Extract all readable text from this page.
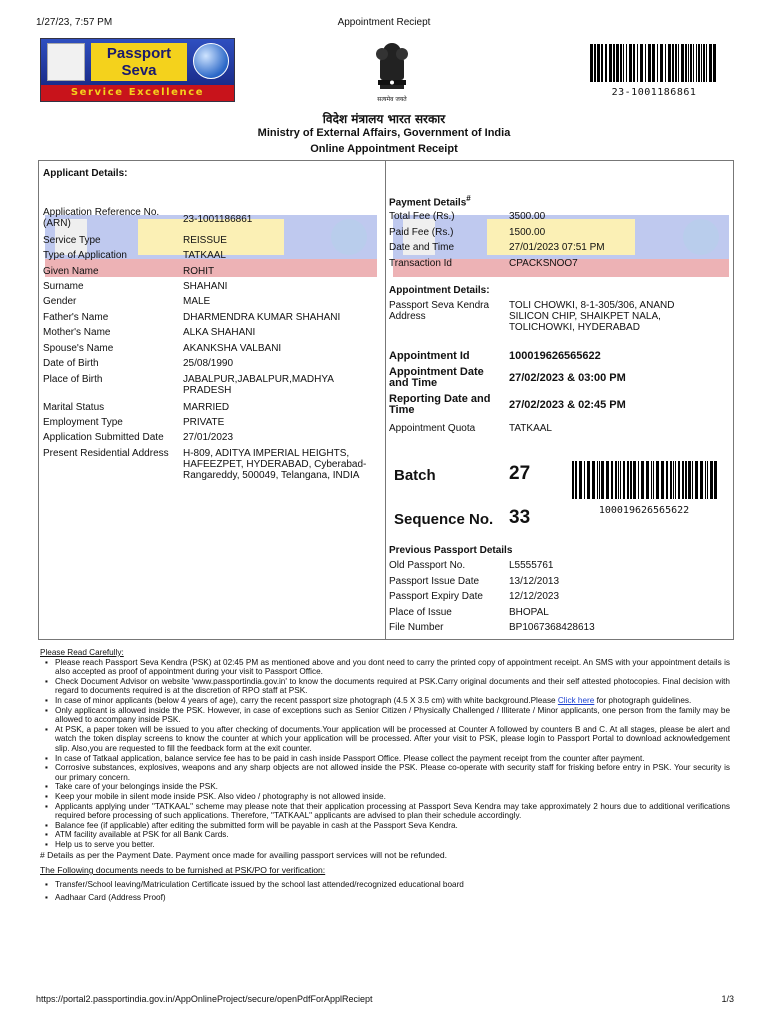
1/27/23, 7:57 PM	Appointment Reciept
Passport
Seva
Service Excellence
सत्यमेव जयते
23-1001186861
विदेश मंत्रालय भारत सरकार
Ministry of External Affairs, Government of India
Online Appointment Receipt
Applicant Details:
Application Reference No. (ARN)	23-1001186861
Service Type	REISSUE
Type of Application	TATKAAL
Given Name	ROHIT
Surname	SHAHANI
Gender	MALE
Father's Name	DHARMENDRA KUMAR SHAHANI
Mother's Name	ALKA SHAHANI
Spouse's Name	AKANKSHA VALBANI
Date of Birth	25/08/1990
Place of Birth	JABALPUR,JABALPUR,MADHYA PRADESH
Marital Status	MARRIED
Employment Type	PRIVATE
Application Submitted Date	27/01/2023
Present Residential Address	H-809, ADITYA IMPERIAL HEIGHTS, HAFEEZPET, HYDERABAD, Cyberabad-Rangareddy, 500049, Telangana, INDIA
Payment Details#
Total Fee (Rs.)	3500.00
Paid Fee (Rs.)	1500.00
Date and Time	27/01/2023 07:51 PM
Transaction Id	CPACKSNOO7
Appointment Details:
Passport Seva Kendra Address
TOLI CHOWKI, 8-1-305/306, ANAND SILICON CHIP, SHAIKPET NALA, TOLICHOWKI, HYDERABAD
Appointment Id	100019626565622
Appointment Date and Time	27/02/2023 & 03:00 PM
Reporting Date and Time	27/02/2023 & 02:45 PM
Appointment Quota	TATKAAL
Batch	27
Sequence No. 33
Previous Passport Details
Old Passport No.	L5555761
Passport Issue Date	13/12/2013
Passport Expiry Date	12/12/2023
Place of Issue	BHOPAL
File Number	BP1067368428613
100019626565622
Please Read Carefully:
▪ Please reach Passport Seva Kendra (PSK) at 02:45 PM as mentioned above and you dont need to carry the printed copy of appointment receipt. An SMS with your appointment details is also accepted as proof of appointment during your visit to Passport Office.
▪ Check Document Advisor on website 'www.passportindia.gov.in' to know the documents required at PSK.Carry original documents and their self attested photocopies. Final decision with regard to documents required is at the discretion of RPO staff at PSK.
▪ In case of minor applicants (below 4 years of age), carry the recent passport size photograph (4.5 X 3.5 cm) with white background.Please Click here for photograph guidelines.
▪ Only applicant is allowed inside the PSK. However, in case of exceptions such as Senior Citizen / Physically Challenged / Illiterate / Minor applicants, one person from the family may be allowed to accompany inside PSK.
▪ At PSK, a paper token will be issued to you after checking of documents.Your application will be processed at Counter A followed by counters B and C. At all stages, please be alert and watch the token display screens to know the counter at which your application will be processed. After your visit to PSK, please login to Passport Portal to download acknowledgement slip. Also,you are requested to fill the feedback form at the exit counter.
▪ In case of Tatkaal application, balance service fee has to be paid in cash inside Passport Office. Please collect the payment receipt from the counter after payment.
▪ Corrosive substances, explosives, weapons and any sharp objects are not allowed inside the PSK. Please co-operate with security staff for frisking before entry in PSK. Your security is our primary concern.
▪ Take care of your belongings inside the PSK.
▪ Keep your mobile in silent mode inside PSK. Also video / photography is not allowed inside.
▪ Applicants applying under "TATKAAL" scheme may please note that their application processing at Passport Seva Kendra may take approximately 2 hours due to additional verifications required before processing of such applications. Therefore, "TATKAAL" applicants are advised to plan their schedule accordingly.
▪ Balance fee (if applicable) after editing the submitted form will be payable in cash at the Passport Seva Kendra.
▪ ATM facility available at PSK for all Bank Cards.
▪ Help us to serve you better.
# Details as per the Payment Date. Payment once made for availing passport services will not be refunded.
The Following documents needs to be furnished at PSK/PO for verification:
▪ Transfer/School leaving/Matriculation Certificate issued by the school last attended/recognized educational board
▪ Aadhaar Card (Address Proof)
https://portal2.passportindia.gov.in/AppOnlineProject/secure/openPdfForApplReciept	1/3
